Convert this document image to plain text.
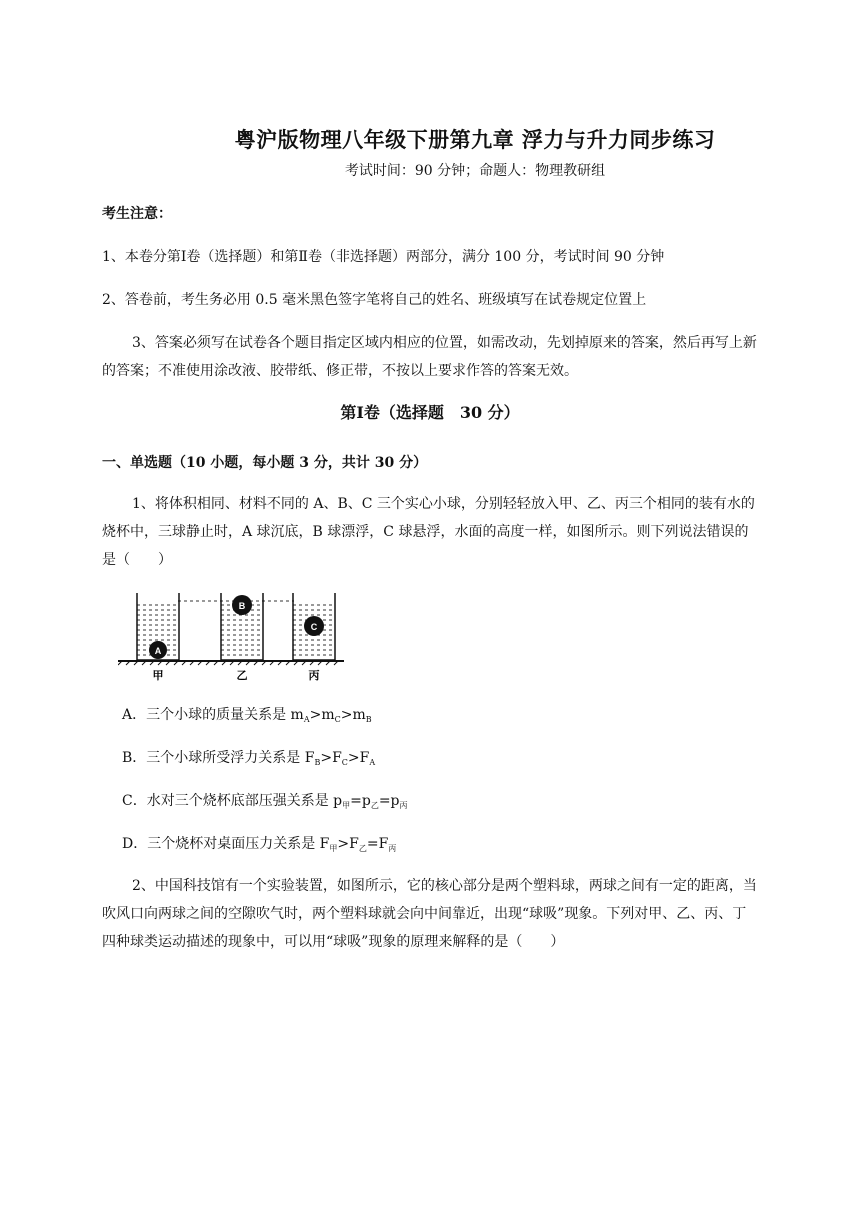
粤沪版物理八年级下册第九章 浮力与升力同步练习
考试时间：90 分钟；命题人：物理教研组
考生注意：
1、本卷分第Ⅰ卷（选择题）和第Ⅱ卷（非选择题）两部分，满分 100 分，考试时间 90 分钟
2、答卷前，考生务必用 0.5 毫米黑色签字笔将自己的姓名、班级填写在试卷规定位置上
3、答案必须写在试卷各个题目指定区域内相应的位置，如需改动，先划掉原来的答案，然后再写上新的答案；不准使用涂改液、胶带纸、修正带，不按以上要求作答的答案无效。
第Ⅰ卷（选择题　30 分）
一、单选题（10 小题，每小题 3 分，共计 30 分）
1、将体积相同、材料不同的 A、B、C 三个实心小球，分别轻轻放入甲、乙、丙三个相同的装有水的烧杯中，三球静止时，A 球沉底，B 球漂浮，C 球悬浮，水面的高度一样，如图所示。则下列说法错误的是（　　）
A
B
C
甲	乙	丙
A．三个小球的质量关系是 $m_A>m_C>m_B$
B．三个小球所受浮力关系是 $F_B>F_C>F_A$
C．水对三个烧杯底部压强关系是 $p_甲=p_乙=p_丙$
D．三个烧杯对桌面压力关系是 $F_甲>F_乙=F_丙$
2、中国科技馆有一个实验装置，如图所示，它的核心部分是两个塑料球，两球之间有一定的距离，当吹风口向两球之间的空隙吹气时，两个塑料球就会向中间靠近，出现“球吸”现象。下列对甲、乙、丙、丁四种球类运动描述的现象中，可以用“球吸”现象的原理来解释的是（　　）
